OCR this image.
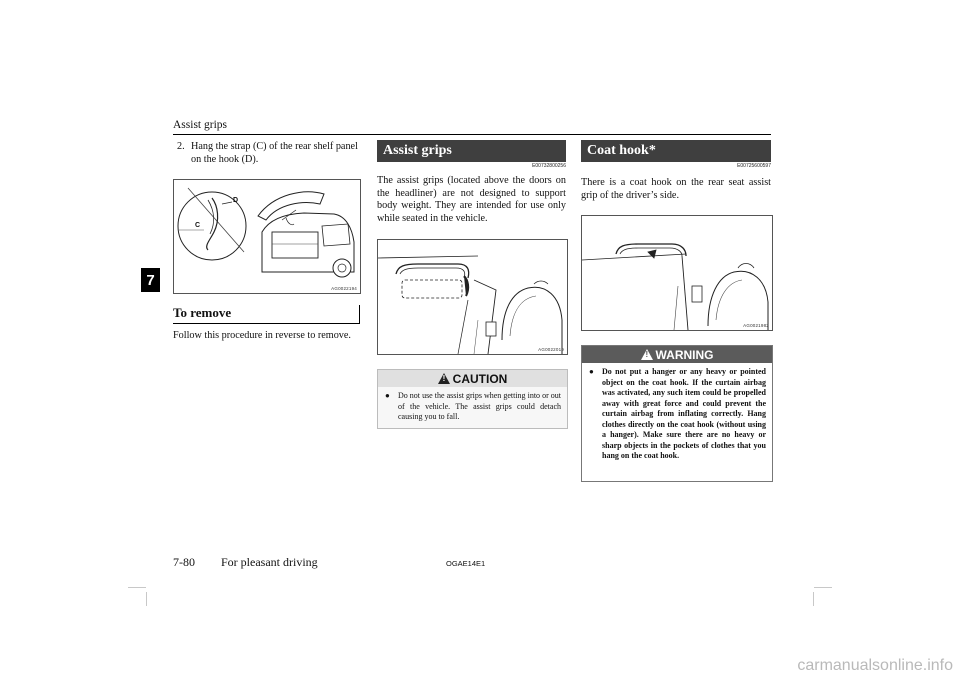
Assist grips
7
2. Hang the strap (C) of the rear shelf panel on the hook (D).
C
D
AG0022194
To remove
Follow this procedure in reverse to remove.
Assist grips
E00732800256
The assist grips (located above the doors on the headliner) are not designed to support body weight. They are intended for use only while seated in the vehicle.
AG0022019
! CAUTION
● Do not use the assist grips when getting into or out of the vehicle. The assist grips could detach causing you to fall.
Coat hook*
E00725600597
There is a coat hook on the rear seat assist grip of the driver’s side.
AG0021982
! WARNING
● Do not put a hanger or any heavy or pointed object on the coat hook. If the curtain airbag was activated, any such item could be propelled away with great force and could prevent the curtain airbag from inflating correctly. Hang clothes directly on the coat hook (without using a hanger). Make sure there are no heavy or sharp objects in the pockets of clothes that you hang on the coat hook.
7-80 For pleasant driving	OGAE14E1
carmanualsonline.info
